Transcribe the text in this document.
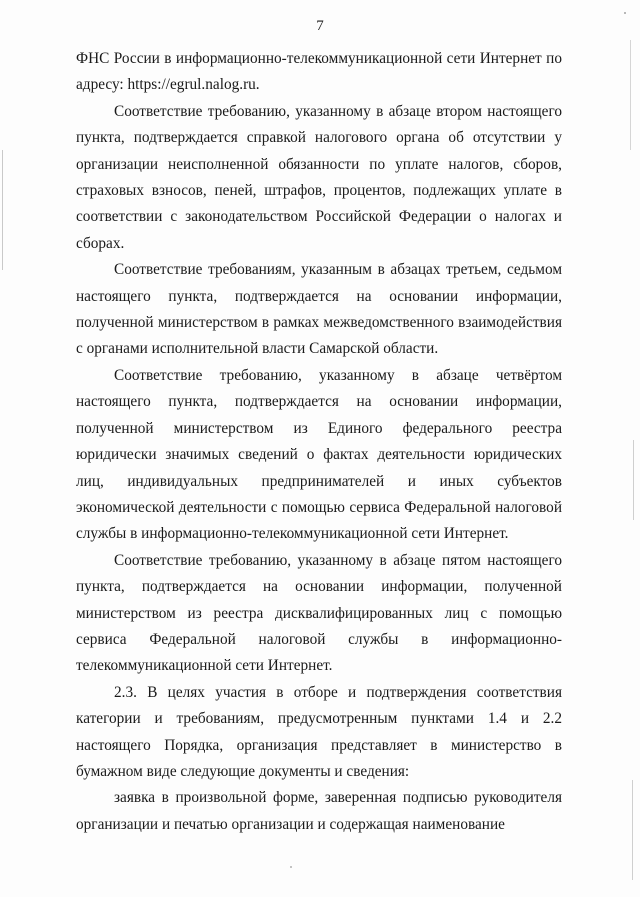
7

ФНС России в информационно-телекоммуникационной сети Интернет по адресу: https://egrul.nalog.ru.

Соответствие требованию, указанному в абзаце втором настоящего пункта, подтверждается справкой налогового органа об отсутствии у организации неисполненной обязанности по уплате налогов, сборов, страховых взносов, пеней, штрафов, процентов, подлежащих уплате в соответствии с законодательством Российской Федерации о налогах и сборах.

Соответствие требованиям, указанным в абзацах третьем, седьмом настоящего пункта, подтверждается на основании информации, полученной министерством в рамках межведомственного взаимодействия с органами исполнительной власти Самарской области.

Соответствие требованию, указанному в абзаце четвёртом настоящего пункта, подтверждается на основании информации, полученной министерством из Единого федерального реестра юридически значимых сведений о фактах деятельности юридических лиц, индивидуальных предпринимателей и иных субъектов экономической деятельности с помощью сервиса Федеральной налоговой службы в информационно-телекоммуникационной сети Интернет.

Соответствие требованию, указанному в абзаце пятом настоящего пункта, подтверждается на основании информации, полученной министерством из реестра дисквалифицированных лиц с помощью сервиса Федеральной налоговой службы в информационно-телекоммуникационной сети Интернет.

2.3. В целях участия в отборе и подтверждения соответствия категории и требованиям, предусмотренным пунктами 1.4 и 2.2 настоящего Порядка, организация представляет в министерство в бумажном виде следующие документы и сведения:

заявка в произвольной форме, заверенная подписью руководителя организации и печатью организации и содержащая наименование
